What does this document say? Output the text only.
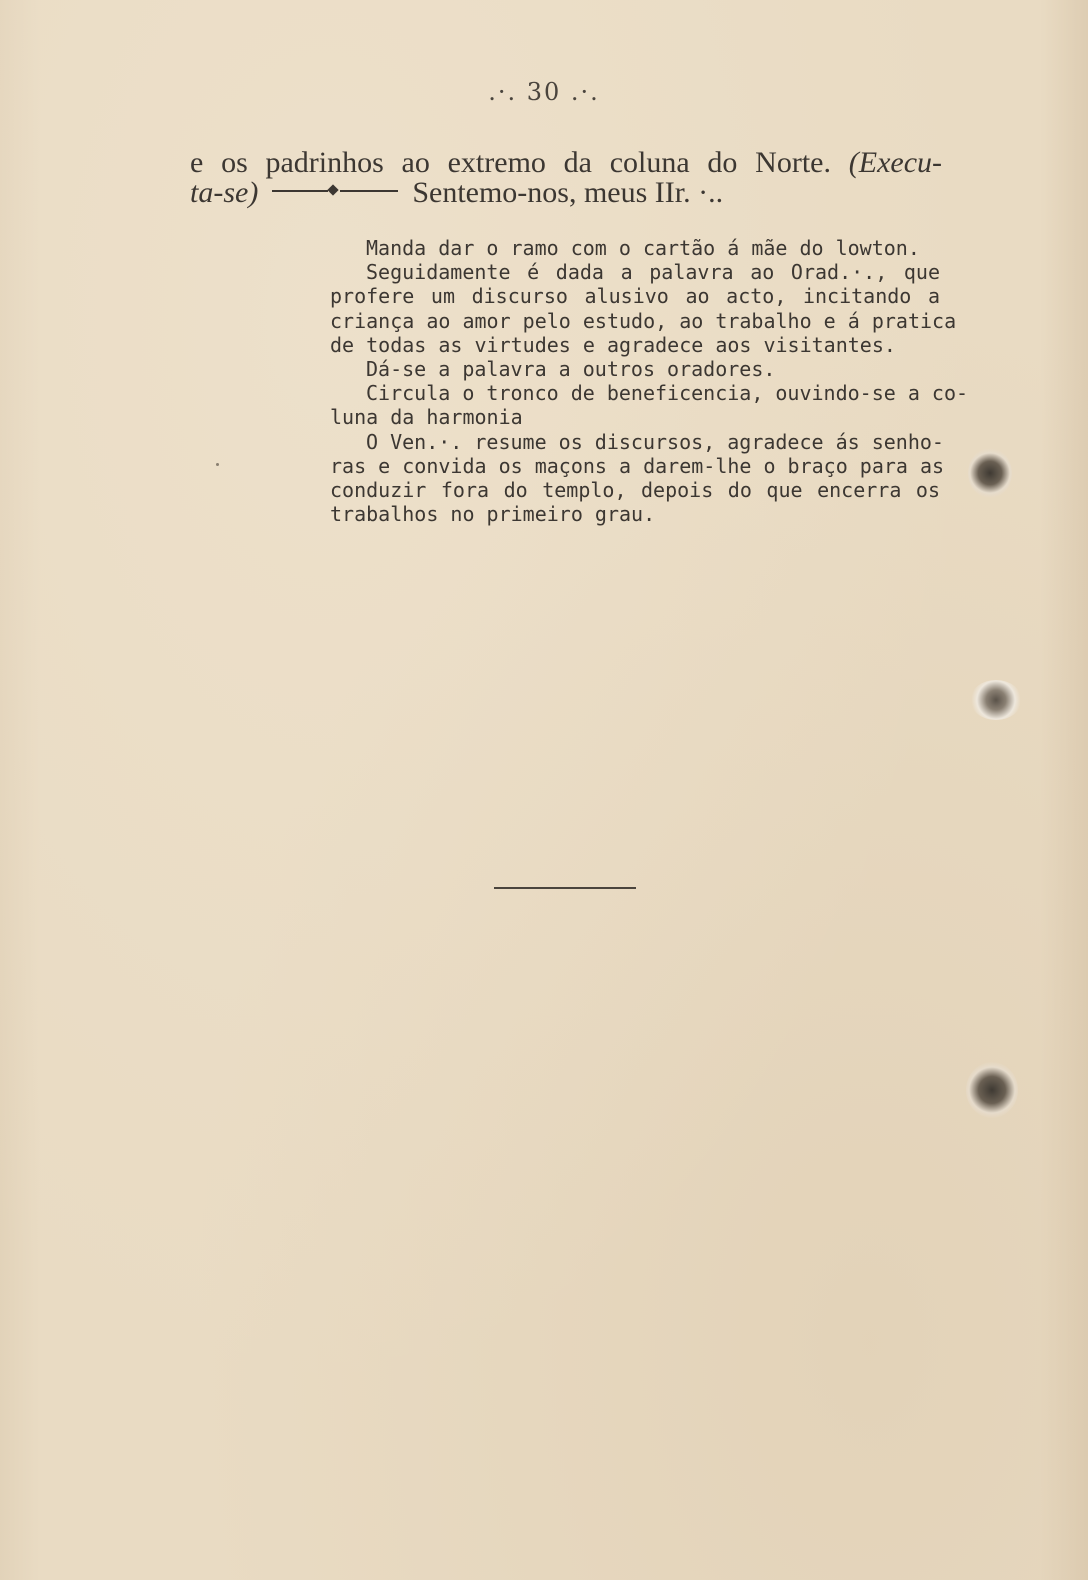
.·. 30 .·.
e os padrinhos ao extremo da coluna do Norte. (Execu-
ta-se)	Sentemo-nos, meus IIr. ·..
Manda dar o ramo com o cartão á mãe do lowton.
Seguidamente é dada a palavra ao Orad.·., que
profere um discurso alusivo ao acto, incitando a
criança ao amor pelo estudo, ao trabalho e á pratica
de todas as virtudes e agradece aos visitantes.
Dá-se a palavra a outros oradores.
Circula o tronco de beneficencia, ouvindo-se a co-
luna da harmonia
O Ven.·. resume os discursos, agradece ás senho-
ras e convida os maçons a darem-lhe o braço para as
conduzir fora do templo, depois do que encerra os
trabalhos no primeiro grau.
